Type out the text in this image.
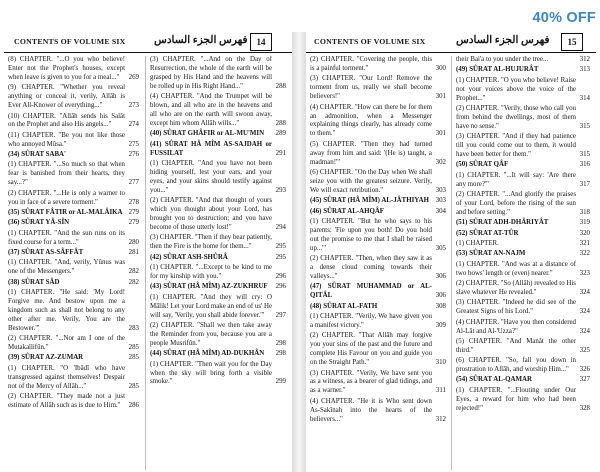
40% OFF
CONTENTS OF VOLUME SIX	فهرس الجزء السادس 14
(8) CHAPTER. "...O you who believe! Enter not the Prophet's houses, except when leave is given to you for a meal..."	269
(9) CHAPTER. "Whether you reveal anything or conceal it, verily, Allâh is Ever All-Knower of everything..."	273
(10) CHAPTER. "Allâh sends his Salât on the Prophet and also His angels..."	274
(11) CHAPTER. "Be you not like those who annoyed Mûsa."	275
(34) SÛRAT SABA'	276
(1) CHAPTER. "...So much so that when fear is banished from their hearts, they say...?"	277
(2) CHAPTER. "...He is only a warner to you in face of a severe torment."	278
(35) SÛRAT FÂTIR or AL-MALÂIKA 279
(36) SÛRAT YÂ-SÎN	279
(1) CHAPTER. "And the sun runs on its fixed course for a term..."	280
(37) SÛRAT AS-SÂFFÂT	281
(1) CHAPTER. "And, verily, Yûnus was one of the Messengers."	282
(38) SÛRAT SÂD	282
(1) CHAPTER. "He said: 'My Lord! Forgive me. And bestow upon me a kingdom such as shall not belong to any other after me. Verily, You are the Bestower.'"	283
(2) CHAPTER. "...Nor am I one of the Mutakallifûn."	285
(39) SÛRAT AZ-ZUMAR	285
(1) CHAPTER. "O 'Ibâdî who have transgressed against themselves! Despair not of the Mercy of Allâh..."	285
(2) CHAPTER. "They made not a just estimate of Allâh such as is due to Him."	286
(3) CHAPTER. "...And on the Day of Resurrection, the whole of the earth will be grasped by His Hand and the heavens will be rolled up in His Right Hand..."	288
(4) CHAPTER. "And the Trumpet will be blown, and all who are in the heavens and all who are on the earth will swoon away, except him whom Allâh wills..."	288
(40) SÛRAT GHÂFIR or AL-MU'MIN	289
(41) SÛRAT HÂ MÎM AS-SAJDAH or FUSSILAT	291
(1) CHAPTER. "And you have not been hiding yourself, lest your ears, and your eyes, and your skins should testify against you..."	293
(2) CHAPTER. "And that thought of yours which you thought about your Lord, has brought you to destruction; and you have become of those utterly lost!"	294
(3) CHAPTER. "Then if they bear patiently, then the Fire is the home for them..."	295
(42) SÛRAT ASH-SHÛRÂ	295
(1) CHAPTER. "...Except to be kind to me for my kinship with you."	296
(43) SÛRAT (HÂ MÎM) AZ-ZUKHRUF	296
(1) CHAPTER. "And they will cry: O Mâlik! Let your Lord make an end of us' He will say, 'Verily, you shall abide forever.'"	297
(2) CHAPTER. "Shall we then take away the Reminder from you, because you are a people Musrifûn."	298
(44) SÛRAT (HÂ MÎM) AD-DUKHÂN	298
(1) CHAPTER. "Then wait you for the Day when the sky will bring forth a visible smoke."	299
CONTENTS OF VOLUME SIX	فهرس الجزء السادس	15
(2) CHAPTER. "Covering the people, this is a painful torment."	300
(3) CHAPTER. "Our Lord! Remove the torment from us, really we shall become believers!"	301
(4) CHAPTER. "How can there be for them an admonition, when a Messenger explaining things clearly, has already come to them."	301
(5) CHAPTER. "Then they had turned away from him and said: '(He is) taught, a madman!'"	302
(6) CHAPTER. "On the Day when We shall seize you with the greatest seizure. Verily, We will exact retribution."	303
(45) SÛRAT (HÂ MÎM) AL-JÂTHIYAH 303
(46) SÛRAT AL-AHQÂF	304
(1) CHAPTER. "But he who says to his parents: 'Fie upon you both! Do you hold out the promise to me that I shall be raised up...'"	305
(2) CHAPTER. "Then, when they saw it as a dense cloud coming towards their valleys..."	306
(47) SÛRAT MUHAMMAD or AL-QITÂL	306
(48) SÛRAT AL-FATH	308
(1) CHAPTER. "Verily, We have given you a manifest victory."	309
(2) CHAPTER. "That Allâh may forgive you your sins of the past and the future and complete His Favour on you and guide you on the Straight Path."	310
(3) CHAPTER. "Verily, We have sent you as a witness, as a bearer of glad tidings, and as a warner."	311
(4) CHAPTER. "He it is Who sent down As-Sakînah into the hearts of the believers..."	312
their Bai'a to you under the tree...	312
(49) SÛRAT AL-HUJURÂT	313
(1) CHAPTER. "O you who believe! Raise not your voices above the voice of the Prophet..."	314
(2) CHAPTER. "Verily, those who call you from behind the dwellings, most of them have no sense."	315
(3) CHAPTER. "And if they had patience till you could come out to them, it would have been better for them."	315
(50) SÛRAT QÂF	316
(1) CHAPTER. "...It will say: 'Are there any more?'"	317
(2) CHAPTER. "...And glorify the praises of your Lord, before the rising of the sun and before setting."	318
(51) SÛRAT ADH-DHÂRIYÂT	319
(52) SÛRAT AT-TÛR	320
(1) CHAPTER.	321
(53) SÛRAT AN-NAJM	322
(1) CHAPTER. "And was at a distance of two bows' length or (even) nearer."	323
(2) CHAPTER. "So (Allâh) revealed to His slave whatever He revealed."	324
(3) CHAPTER. "Indeed he did see of the Greatest Signs of his Lord."	324
(4) CHAPTER. "Have you then considered Al-Lât and Al-'Uzza?"	324
(5) CHAPTER. "And Manât the other third."	325
(6) CHAPTER. "So, fall you down in prostration to Allâh, and worship Him..."	326
(54) SÛRAT AL-QAMAR	327
(1) CHAPTER. "...Flouting under Our Eyes, a reward for him who had been rejected!"	328
